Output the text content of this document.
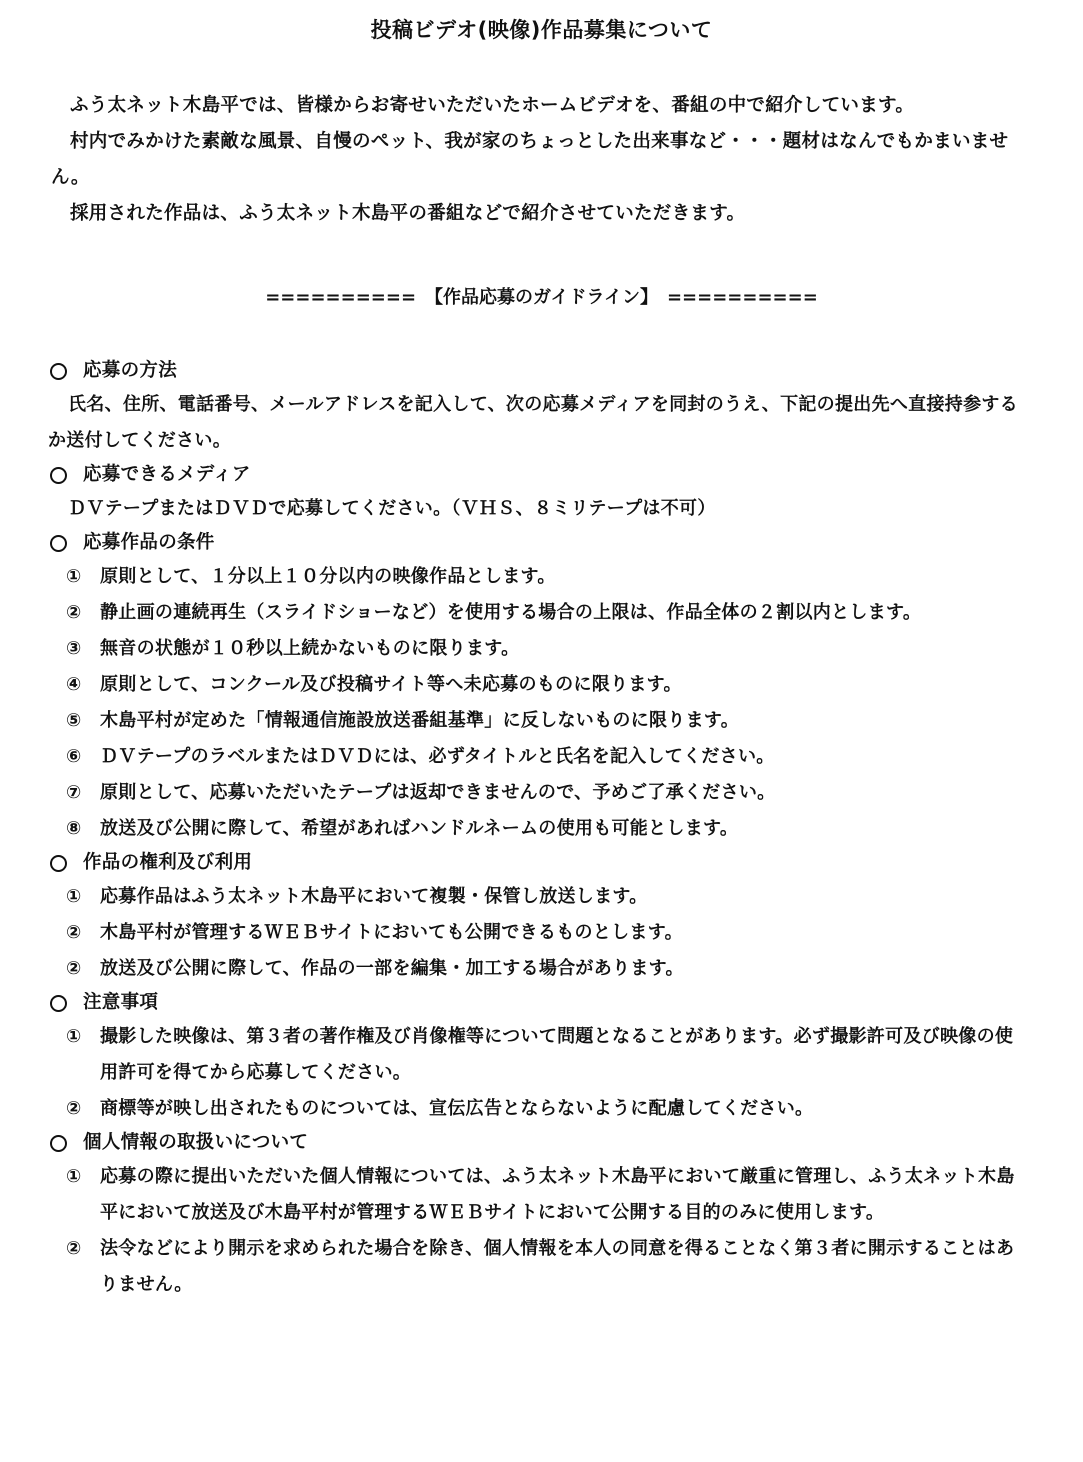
投稿ビデオ(映像)作品募集について

ふう太ネット木島平では、皆様からお寄せいただいたホームビデオを、番組の中で紹介しています。

村内でみかけた素敵な風景、自慢のペット、我が家のちょっとした出来事など・・・題材はなんでもかまいません。

採用された作品は、ふう太ネット木島平の番組などで紹介させていただきます。

==========　【作品応募のガイドライン】　==========
応募の方法

氏名、住所、電話番号、メールアドレスを記入して、次の応募メディアを同封のうえ、下記の提出先へ直接持参するか送付してください。

応募できるメディア

ＤＶテープまたはＤＶＤで応募してください。（ＶＨＳ、８ミリテープは不可）

応募作品の条件
①	原則として、１分以上１０分以内の映像作品とします。
②	静止画の連続再生（スライドショーなど）を使用する場合の上限は、作品全体の２割以内とします。
③	無音の状態が１０秒以上続かないものに限ります。
④	原則として、コンクール及び投稿サイト等へ未応募のものに限ります。
⑤	木島平村が定めた「情報通信施設放送番組基準」に反しないものに限ります。
⑥	ＤＶテープのラベルまたはＤＶＤには、必ずタイトルと氏名を記入してください。
⑦	原則として、応募いただいたテープは返却できませんので、予めご了承ください。
⑧	放送及び公開に際して、希望があればハンドルネームの使用も可能とします。
作品の権利及び利用
①	応募作品はふう太ネット木島平において複製・保管し放送します。
②	木島平村が管理するＷＥＢサイトにおいても公開できるものとします。
②	放送及び公開に際して、作品の一部を編集・加工する場合があります。
注意事項
①	撮影した映像は、第３者の著作権及び肖像権等について問題となることがあります。必ず撮影許可及び映像の使用許可を得てから応募してください。
②	商標等が映し出されたものについては、宣伝広告とならないように配慮してください。
個人情報の取扱いについて
①	応募の際に提出いただいた個人情報については、ふう太ネット木島平において厳重に管理し、ふう太ネット木島平において放送及び木島平村が管理するＷＥＢサイトにおいて公開する目的のみに使用します。
②	法令などにより開示を求められた場合を除き、個人情報を本人の同意を得ることなく第３者に開示することはありません。
